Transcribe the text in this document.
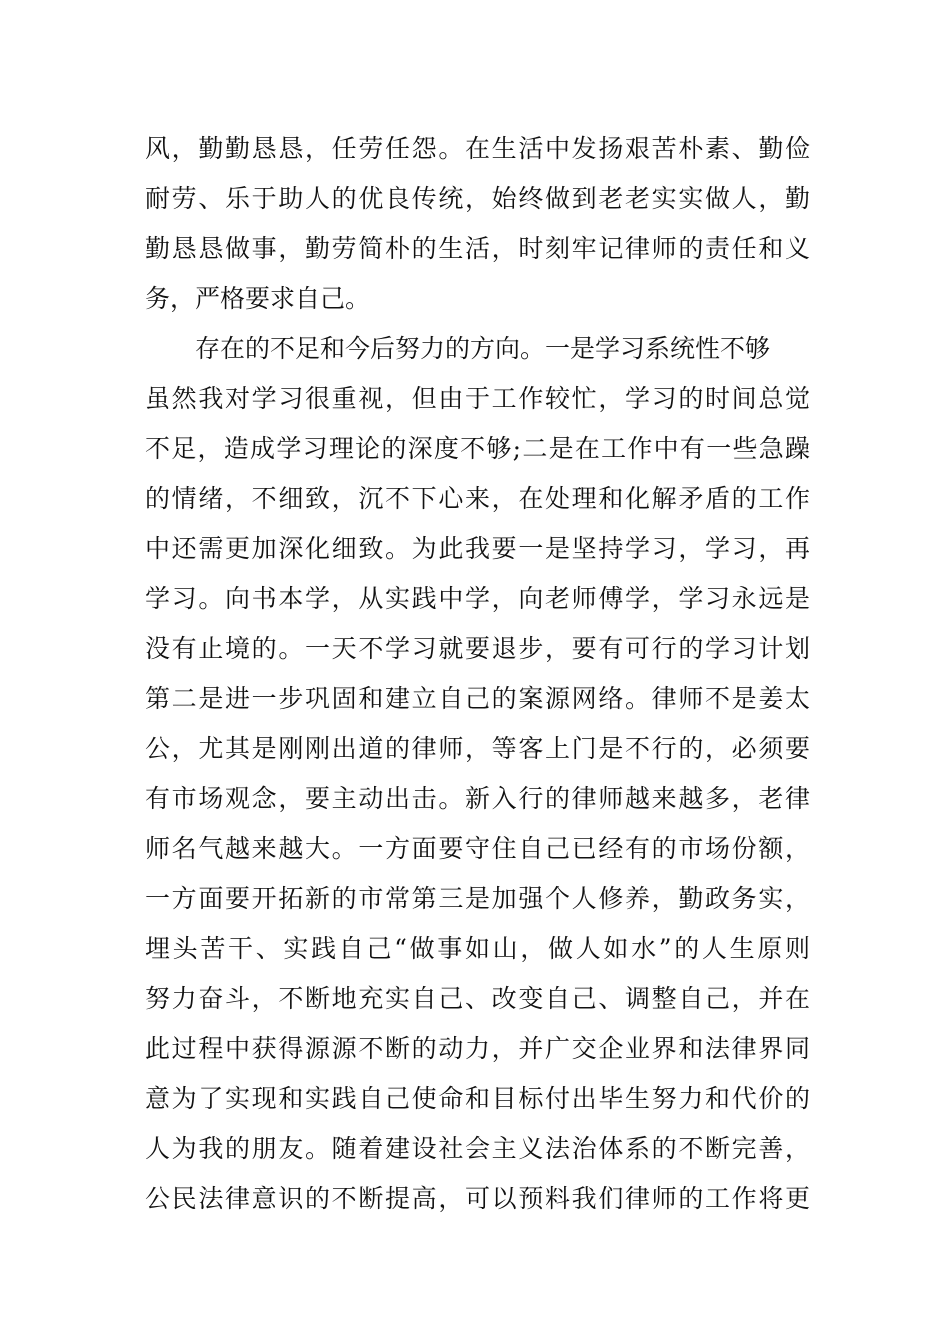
风，勤勤恳恳，任劳任怨。在生活中发扬艰苦朴素、勤俭
耐劳、乐于助人的优良传统，始终做到老老实实做人，勤
勤恳恳做事，勤劳简朴的生活，时刻牢记律师的责任和义
务，严格要求自己。
存在的不足和今后努力的方向。一是学习系统性不够
虽然我对学习很重视，但由于工作较忙，学习的时间总觉
不足，造成学习理论的深度不够;二是在工作中有一些急躁
的情绪，不细致，沉不下心来，在处理和化解矛盾的工作
中还需更加深化细致。为此我要一是坚持学习，学习，再
学习。向书本学，从实践中学，向老师傅学，学习永远是
没有止境的。一天不学习就要退步，要有可行的学习计划
第二是进一步巩固和建立自己的案源网络。律师不是姜太
公，尤其是刚刚出道的律师，等客上门是不行的，必须要
有市场观念，要主动出击。新入行的律师越来越多，老律
师名气越来越大。一方面要守住自己已经有的市场份额，
一方面要开拓新的市常第三是加强个人修养，勤政务实，
埋头苦干、实践自己“做事如山，做人如水”的人生原则
努力奋斗，不断地充实自己、改变自己、调整自己，并在
此过程中获得源源不断的动力，并广交企业界和法律界同
意为了实现和实践自己使命和目标付出毕生努力和代价的
人为我的朋友。随着建设社会主义法治体系的不断完善，
公民法律意识的不断提高，可以预料我们律师的工作将更
